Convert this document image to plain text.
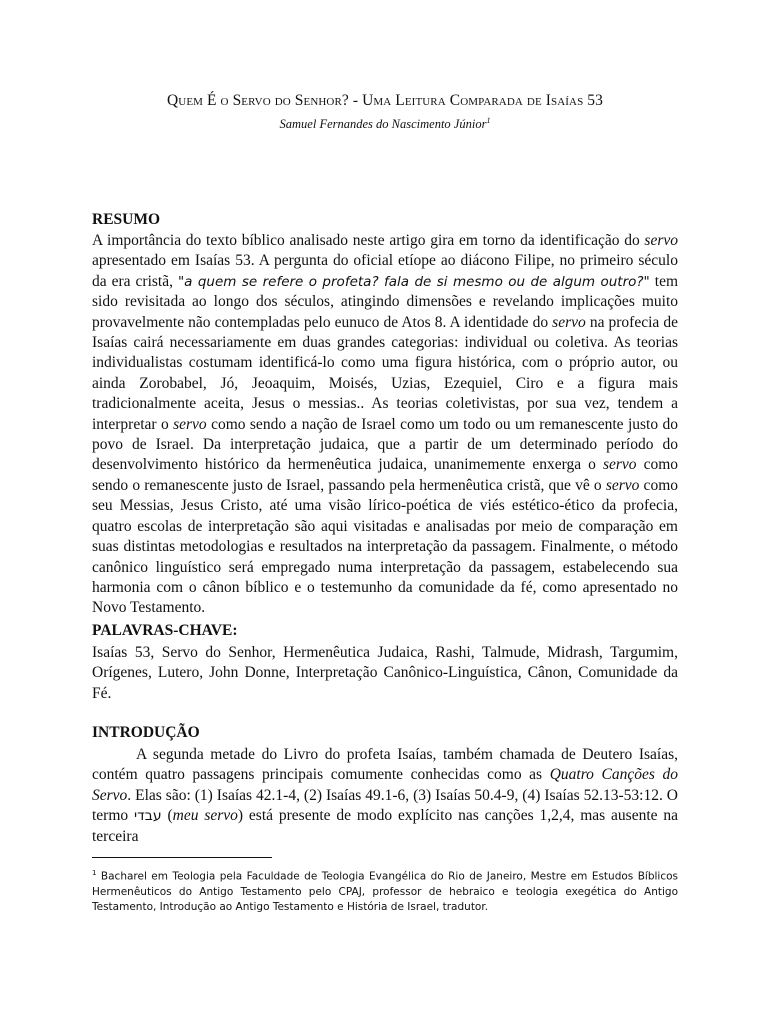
Quem É o Servo do Senhor? - Uma Leitura Comparada de Isaías 53
Samuel Fernandes do Nascimento Júnior$^1$
RESUMO
A importância do texto bíblico analisado neste artigo gira em torno da identificação do servo apresentado em Isaías 53. A pergunta do oficial etíope ao diácono Filipe, no primeiro século da era cristã, "a quem se refere o profeta? fala de si mesmo ou de algum outro?" tem sido revisitada ao longo dos séculos, atingindo dimensões e revelando implicações muito provavelmente não contempladas pelo eunuco de Atos 8. A identidade do servo na profecia de Isaías cairá necessariamente em duas grandes categorias: individual ou coletiva. As teorias individualistas costumam identificá-lo como uma figura histórica, com o próprio autor, ou ainda Zorobabel, Jó, Jeoaquim, Moisés, Uzias, Ezequiel, Ciro e a figura mais tradicionalmente aceita, Jesus o messias.. As teorias coletivistas, por sua vez, tendem a interpretar o servo como sendo a nação de Israel como um todo ou um remanescente justo do povo de Israel. Da interpretação judaica, que a partir de um determinado período do desenvolvimento histórico da hermenêutica judaica, unanimemente enxerga o servo como sendo o remanescente justo de Israel, passando pela hermenêutica cristã, que vê o servo como seu Messias, Jesus Cristo, até uma visão lírico-poética de viés estético-ético da profecia, quatro escolas de interpretação são aqui visitadas e analisadas por meio de comparação em suas distintas metodologias e resultados na interpretação da passagem. Finalmente, o método canônico linguístico será empregado numa interpretação da passagem, estabelecendo sua harmonia com o cânon bíblico e o testemunho da comunidade da fé, como apresentado no Novo Testamento.
PALAVRAS-CHAVE:
Isaías 53, Servo do Senhor, Hermenêutica Judaica, Rashi, Talmude, Midrash, Targumim, Orígenes, Lutero, John Donne, Interpretação Canônico-Linguística, Cânon, Comunidade da Fé.
INTRODUÇÃO
A segunda metade do Livro do profeta Isaías, também chamada de Deutero Isaías, contém quatro passagens principais comumente conhecidas como as Quatro Canções do Servo. Elas são: (1) Isaías 42.1-4, (2) Isaías 49.1-6, (3) Isaías 50.4-9, (4) Isaías 52.13-53:12. O termo עבדי (meu servo) está presente de modo explícito nas canções 1,2,4, mas ausente na terceira
$^1$ Bacharel em Teologia pela Faculdade de Teologia Evangélica do Rio de Janeiro, Mestre em Estudos Bíblicos Hermenêuticos do Antigo Testamento pelo CPAJ, professor de hebraico e teologia exegética do Antigo Testamento, Introdução ao Antigo Testamento e História de Israel, tradutor.
